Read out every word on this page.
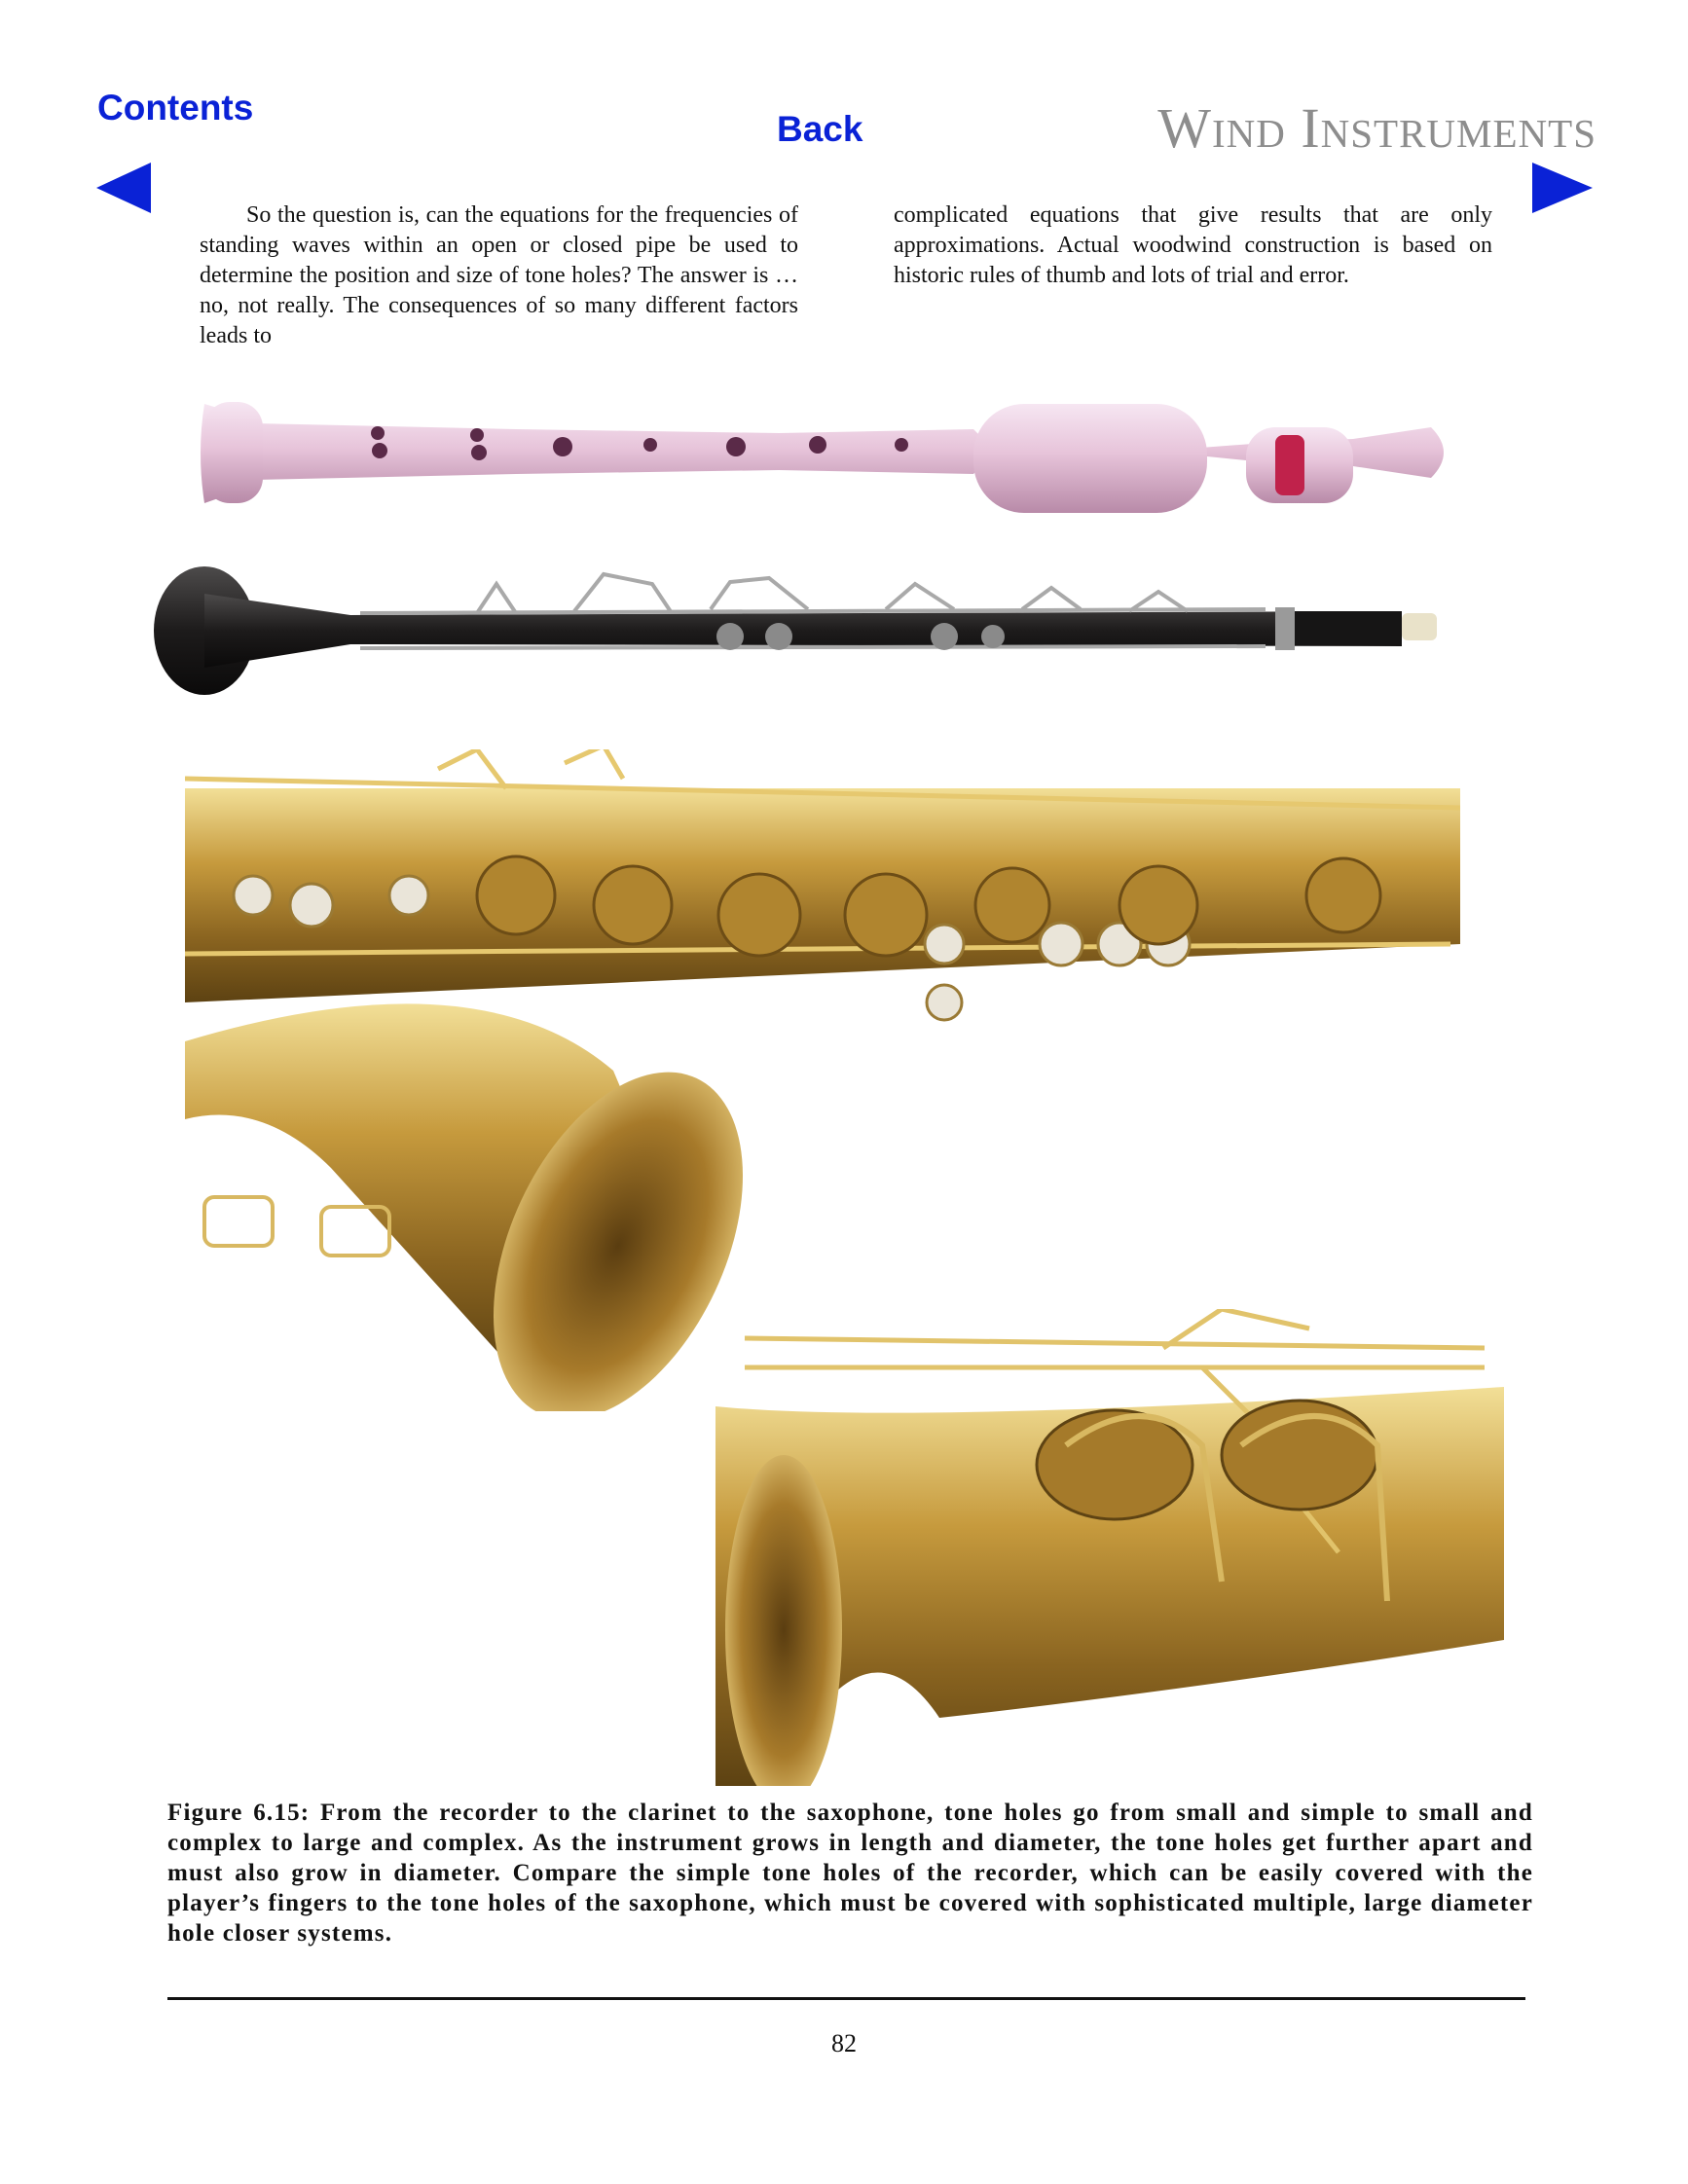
Contents
Back	Wind Instruments
So the question is, can the equations for the frequencies of standing waves within an open or closed pipe be used to determine the position and size of tone holes? The answer is … no, not really. The consequences of so many different factors leads to
complicated equations that give results that are only approximations. Actual woodwind construction is based on historic rules of thumb and lots of trial and error.
Figure 6.15: From the recorder to the clarinet to the saxophone, tone holes go from small and simple to small and complex to large and complex. As the instrument grows in length and diameter, the tone holes get further apart and must also grow in diameter. Compare the simple tone holes of the recorder, which can be easily covered with the player’s fingers to the tone holes of the saxophone, which must be covered with sophisticated multiple, large diameter hole closer systems.
82
